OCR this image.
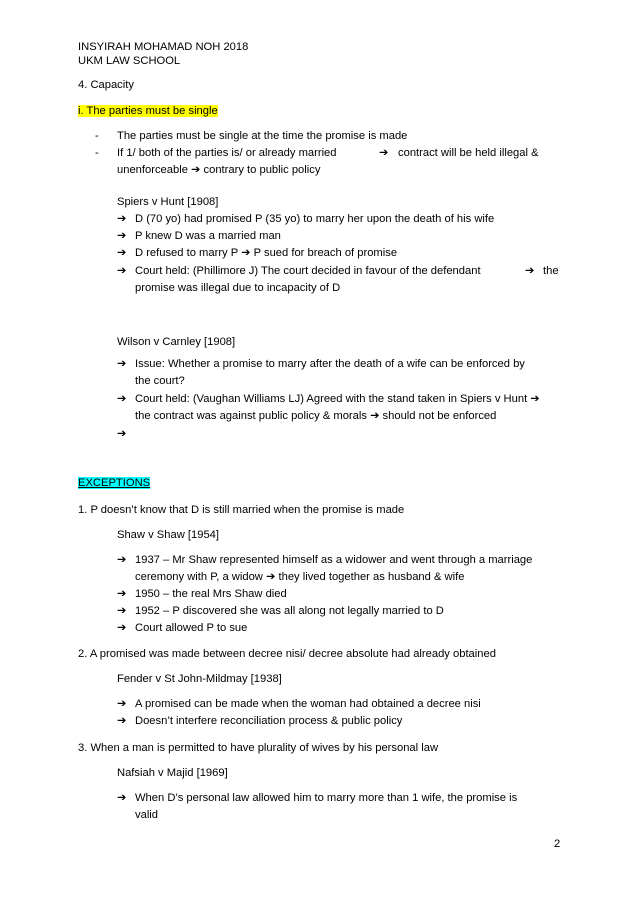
INSYIRAH MOHAMAD NOH 2018
UKM LAW SCHOOL
4. Capacity
i. The parties must be single
- The parties must be single at the time the promise is made
- If 1/ both of the parties is/ or already married	➔ contract will be held illegal &
unenforceable ➔ contrary to public policy
Spiers v Hunt [1908]
➔ D (70 yo) had promised P (35 yo) to marry her upon the death of his wife
➔ P knew D was a married man
➔ D refused to marry P ➔ P sued for breach of promise
➔ Court held: (Phillimore J) The court decided in favour of the defendant	➔ the
promise was illegal due to incapacity of D
Wilson v Carnley [1908]
➔ Issue: Whether a promise to marry after the death of a wife can be enforced by
the court?
➔ Court held: (Vaughan Williams LJ) Agreed with the stand taken in Spiers v Hunt ➔
the contract was against public policy & morals ➔ should not be enforced
➔
EXCEPTIONS
1. P doesn’t know that D is still married when the promise is made
Shaw v Shaw [1954]
➔ 1937 – Mr Shaw represented himself as a widower and went through a marriage
ceremony with P, a widow ➔ they lived together as husband & wife
➔ 1950 – the real Mrs Shaw died
➔ 1952 – P discovered she was all along not legally married to D
➔ Court allowed P to sue
2. A promised was made between decree nisi/ decree absolute had already obtained
Fender v St John-Mildmay [1938]
➔ A promised can be made when the woman had obtained a decree nisi
➔ Doesn’t interfere reconciliation process & public policy
3. When a man is permitted to have plurality of wives by his personal law
Nafsiah v Majid [1969]
➔ When D’s personal law allowed him to marry more than 1 wife, the promise is
valid
2
